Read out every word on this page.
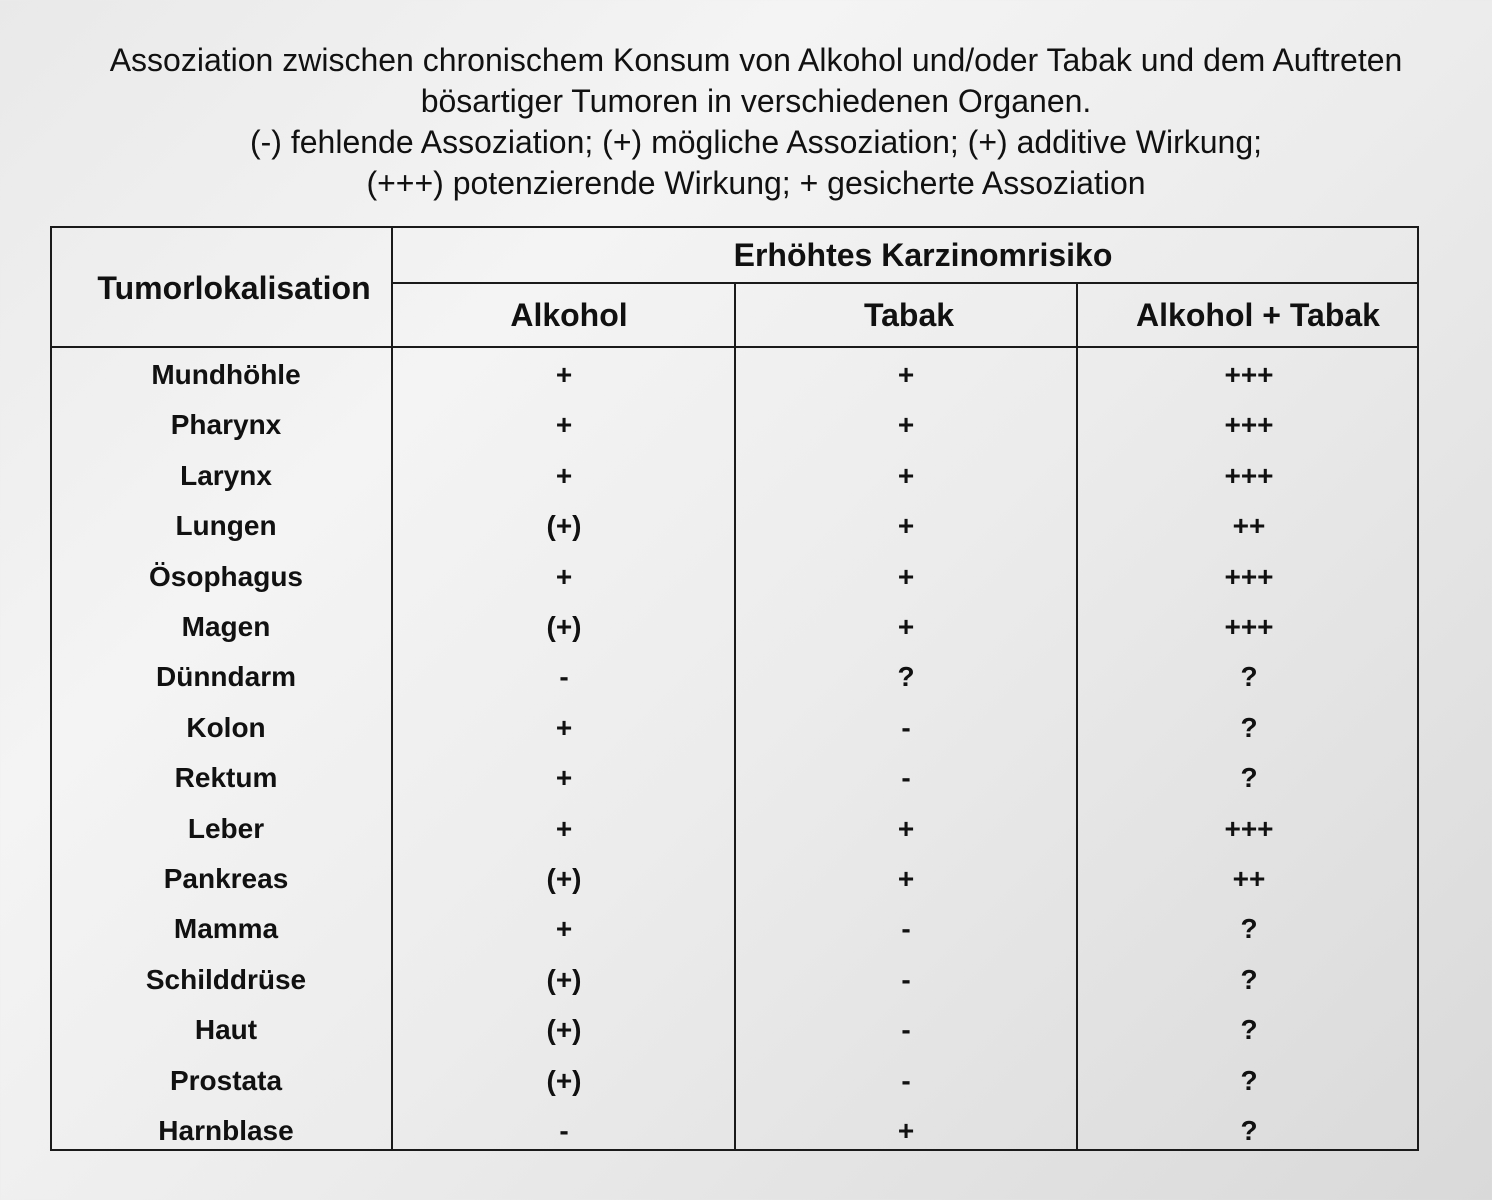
Assoziation zwischen chronischem Konsum von Alkohol und/oder Tabak und dem Auftreten
bösartiger Tumoren in verschiedenen Organen.
(-) fehlende Assoziation; (+) mögliche Assoziation; (+) additive Wirkung;
(+++) potenzierende Wirkung; + gesicherte Assoziation
Tumorlokalisation
Erhöhtes Karzinomrisiko
Alkohol	Tabak	Alkohol + Tabak
Mundhöhle	+	+	+++
Pharynx	+	+	+++
Larynx	+	+	+++
Lungen	(+)	+	++
Ösophagus	+	+	+++
Magen	(+)	+	+++
Dünndarm	-	?	?
Kolon	+	-	?
Rektum	+	-	?
Leber	+	+	+++
Pankreas	(+)	+	++
Mamma	+	-	?
Schilddrüse	(+)	-	?
Haut	(+)	-	?
Prostata	(+)	-	?
Harnblase	-	+	?
